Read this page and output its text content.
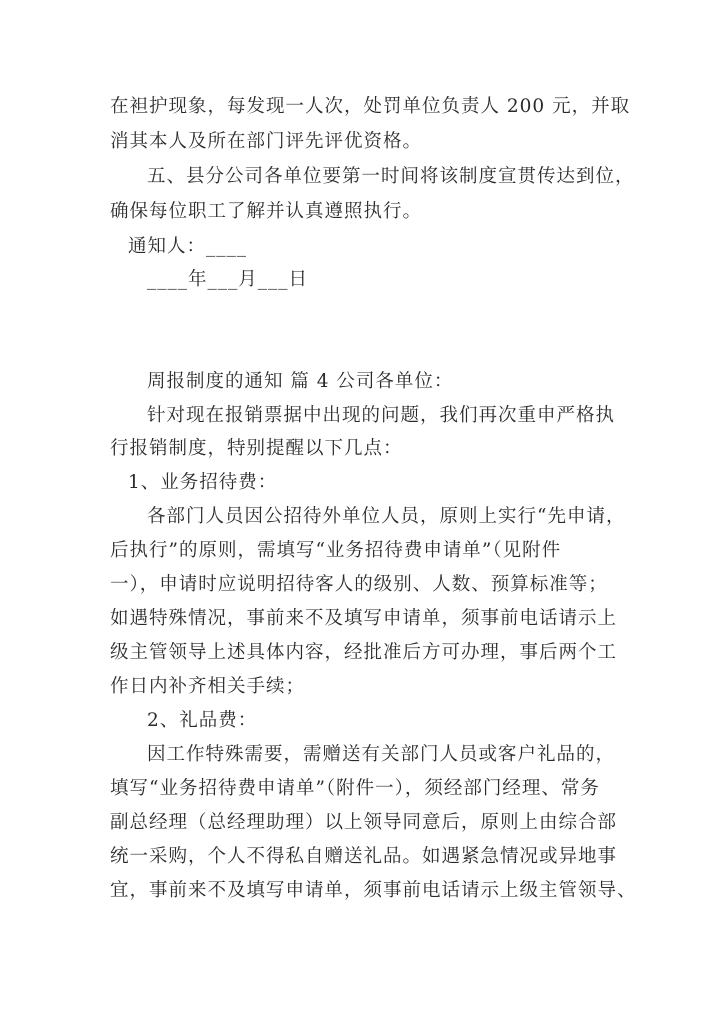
在袒护现象，每发现一人次，处罚单位负责人 200 元，并取

消其本人及所在部门评先评优资格。

五、县分公司各单位要第一时间将该制度宣贯传达到位，

确保每位职工了解并认真遵照执行。

通知人：____

____年___月___日

周报制度的通知 篇 4 公司各单位：

针对现在报销票据中出现的问题，我们再次重申严格执

行报销制度，特别提醒以下几点：

1、业务招待费：

各部门人员因公招待外单位人员，原则上实行“先申请，

后执行”的原则，需填写“业务招待费申请单”（见附件

一），申请时应说明招待客人的级别、人数、预算标准等；

如遇特殊情况，事前来不及填写申请单，须事前电话请示上

级主管领导上述具体内容，经批准后方可办理，事后两个工

作日内补齐相关手续；

2、礼品费：

因工作特殊需要，需赠送有关部门人员或客户礼品的，

填写“业务招待费申请单”（附件一），须经部门经理、常务

副总经理（总经理助理）以上领导同意后，原则上由综合部

统一采购，个人不得私自赠送礼品。如遇紧急情况或异地事

宜，事前来不及填写申请单，须事前电话请示上级主管领导、
